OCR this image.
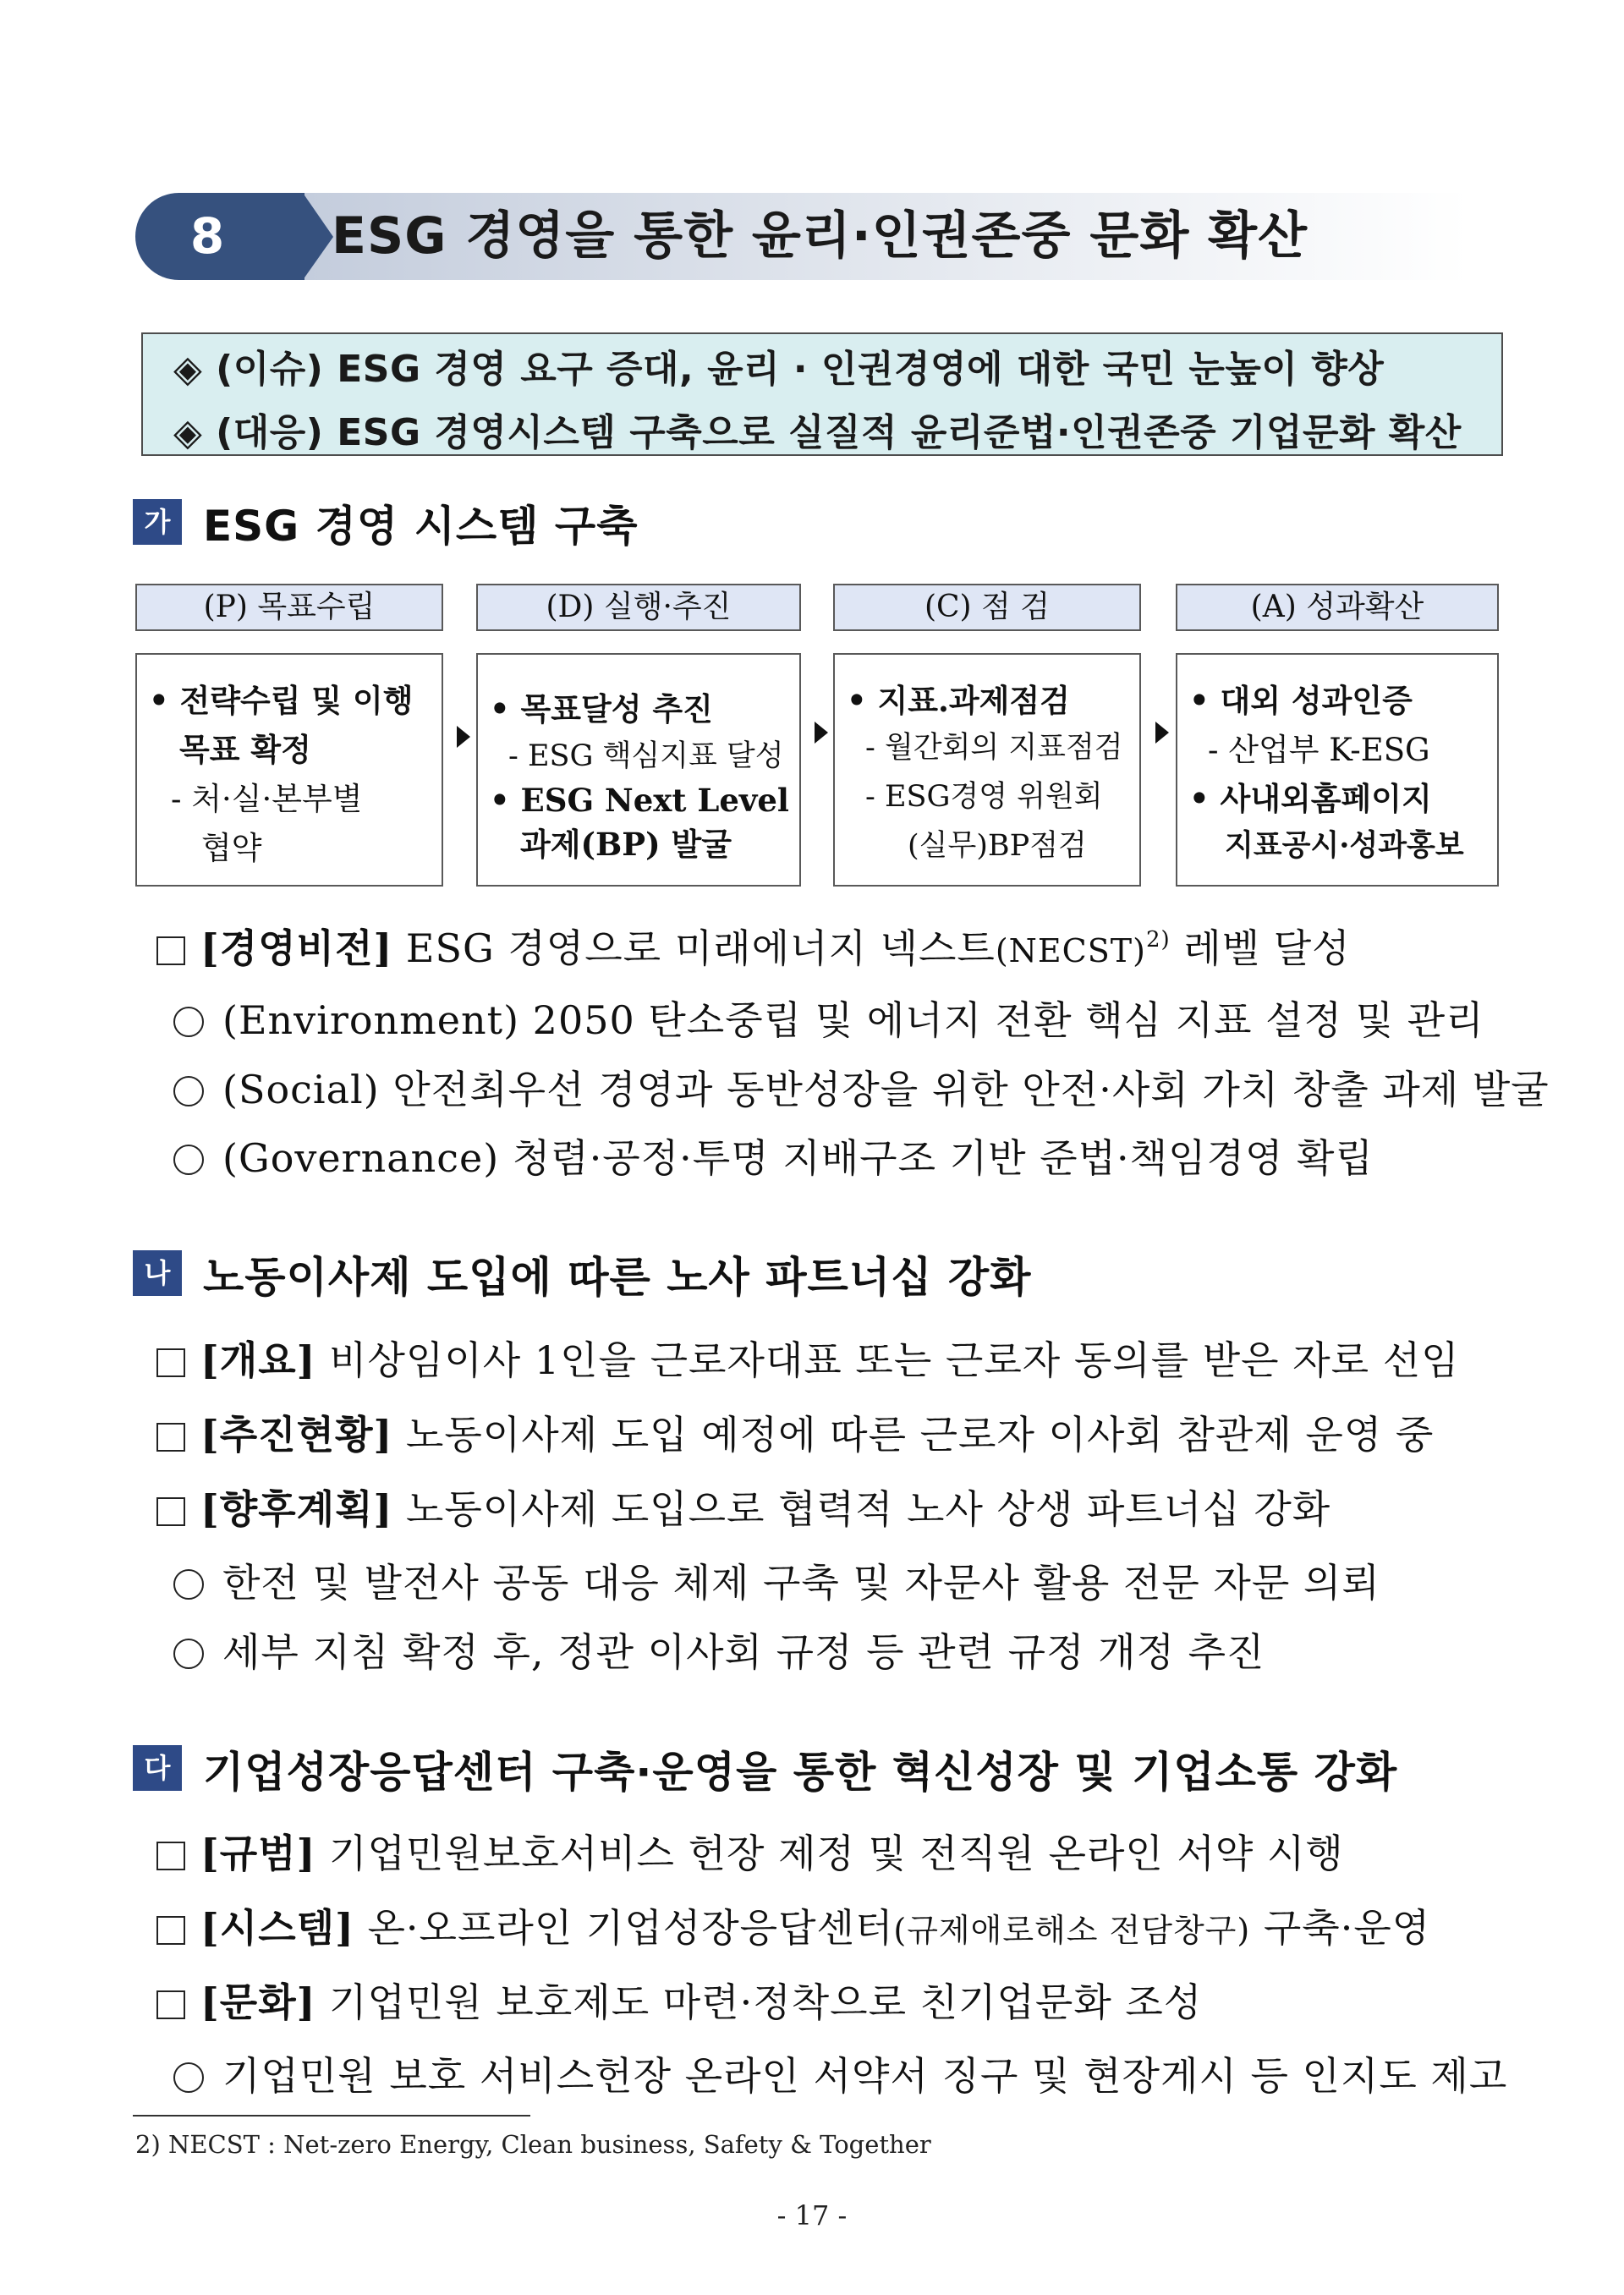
8	ESG 경영을 통한 윤리·인권존중 문화 확산
◈ (이슈) ESG 경영 요구 증대, 윤리 · 인권경영에 대한 국민 눈높이 향상
◈ (대응) ESG 경영시스템 구축으로 실질적 윤리준법·인권존중 기업문화 확산
가 ESG 경영 시스템 구축
(P) 목표수립	(D) 실행·추진	(C) 점 검	(A) 성과확산
• 전략수립 및 이행
목표 확정
- 처·실·본부별
협약
• 목표달성 추진
- ESG 핵심지표 달성
• ESG Next Level
과제(BP) 발굴
• 지표.과제점검
- 월간회의 지표점검
- ESG경영 위원회
(실무)BP점검
• 대외 성과인증
- 산업부 K-ESG
• 사내외홈페이지
지표공시·성과홍보
[경영비전] ESG 경영으로 미래에너지 넥스트(NECST)$^{2)}$ 레벨 달성
(Environment) 2050 탄소중립 및 에너지 전환 핵심 지표 설정 및 관리
(Social) 안전최우선 경영과 동반성장을 위한 안전·사회 가치 창출 과제 발굴
(Governance) 청렴·공정·투명 지배구조 기반 준법·책임경영 확립
나 노동이사제 도입에 따른 노사 파트너십 강화
[개요] 비상임이사 1인을 근로자대표 또는 근로자 동의를 받은 자로 선임
[추진현황] 노동이사제 도입 예정에 따른 근로자 이사회 참관제 운영 중
[향후계획] 노동이사제 도입으로 협력적 노사 상생 파트너십 강화
한전 및 발전사 공동 대응 체제 구축 및 자문사 활용 전문 자문 의뢰
세부 지침 확정 후, 정관 이사회 규정 등 관련 규정 개정 추진
다 기업성장응답센터 구축·운영을 통한 혁신성장 및 기업소통 강화
[규범] 기업민원보호서비스 헌장 제정 및 전직원 온라인 서약 시행
[시스템] 온·오프라인 기업성장응답센터(규제애로해소 전담창구) 구축·운영
[문화] 기업민원 보호제도 마련·정착으로 친기업문화 조성
기업민원 보호 서비스헌장 온라인 서약서 징구 및 현장게시 등 인지도 제고
2) NECST : Net-zero Energy, Clean business, Safety & Together
- 17 -
